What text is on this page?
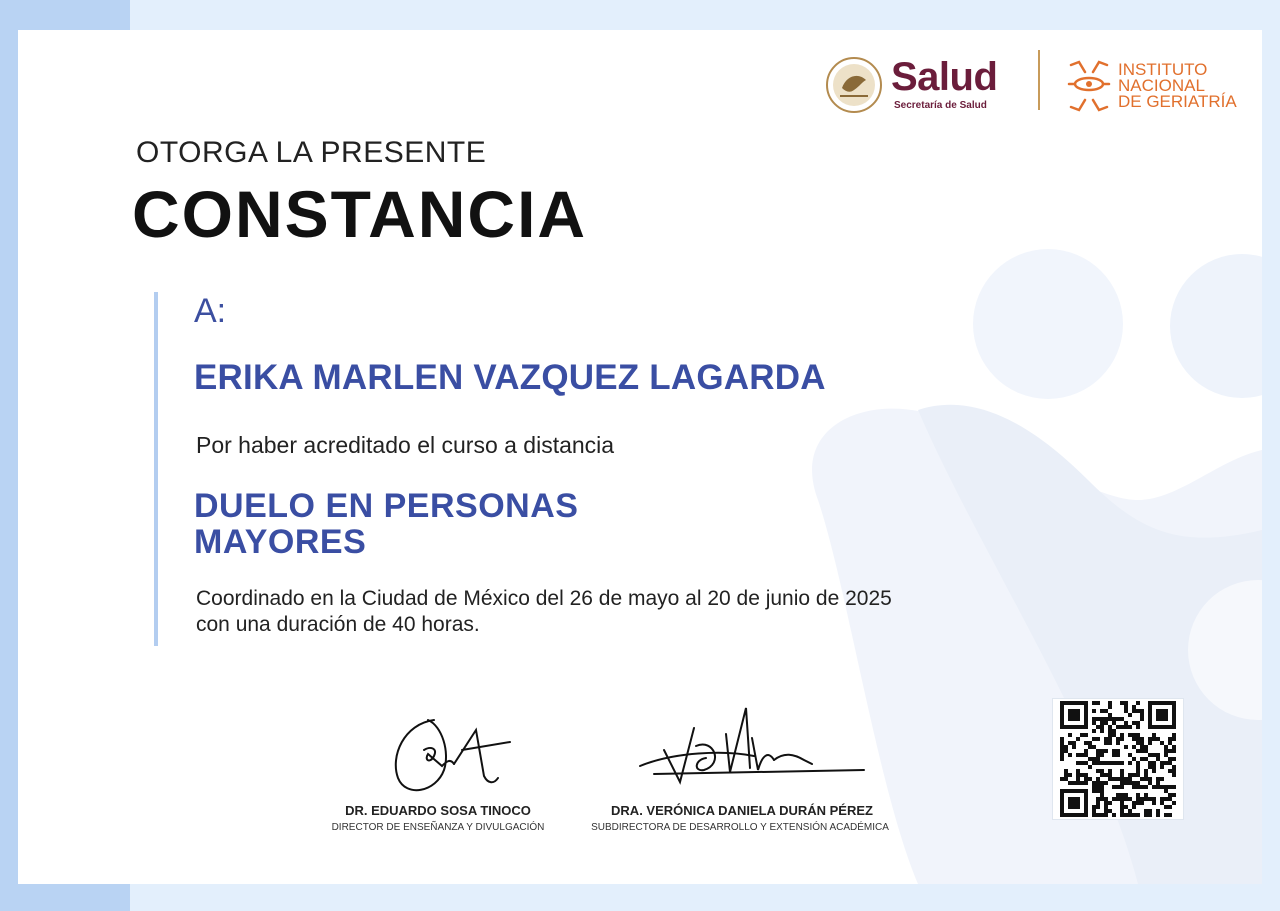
Salud
Secretaría de Salud
INSTITUTO
NACIONAL
DE GERIATRÍA
OTORGA LA PRESENTE
CONSTANCIA
A:
ERIKA MARLEN VAZQUEZ LAGARDA
Por haber acreditado el curso a distancia
DUELO EN PERSONAS
MAYORES
Coordinado en la Ciudad de México del 26 de mayo al 20 de junio de 2025
con una duración de 40 horas.
DR. EDUARDO SOSA TINOCO
DIRECTOR DE ENSEÑANZA Y DIVULGACIÓN
DRA. VERÓNICA DANIELA DURÁN PÉREZ
SUBDIRECTORA DE DESARROLLO Y EXTENSIÓN ACADÉMICA
